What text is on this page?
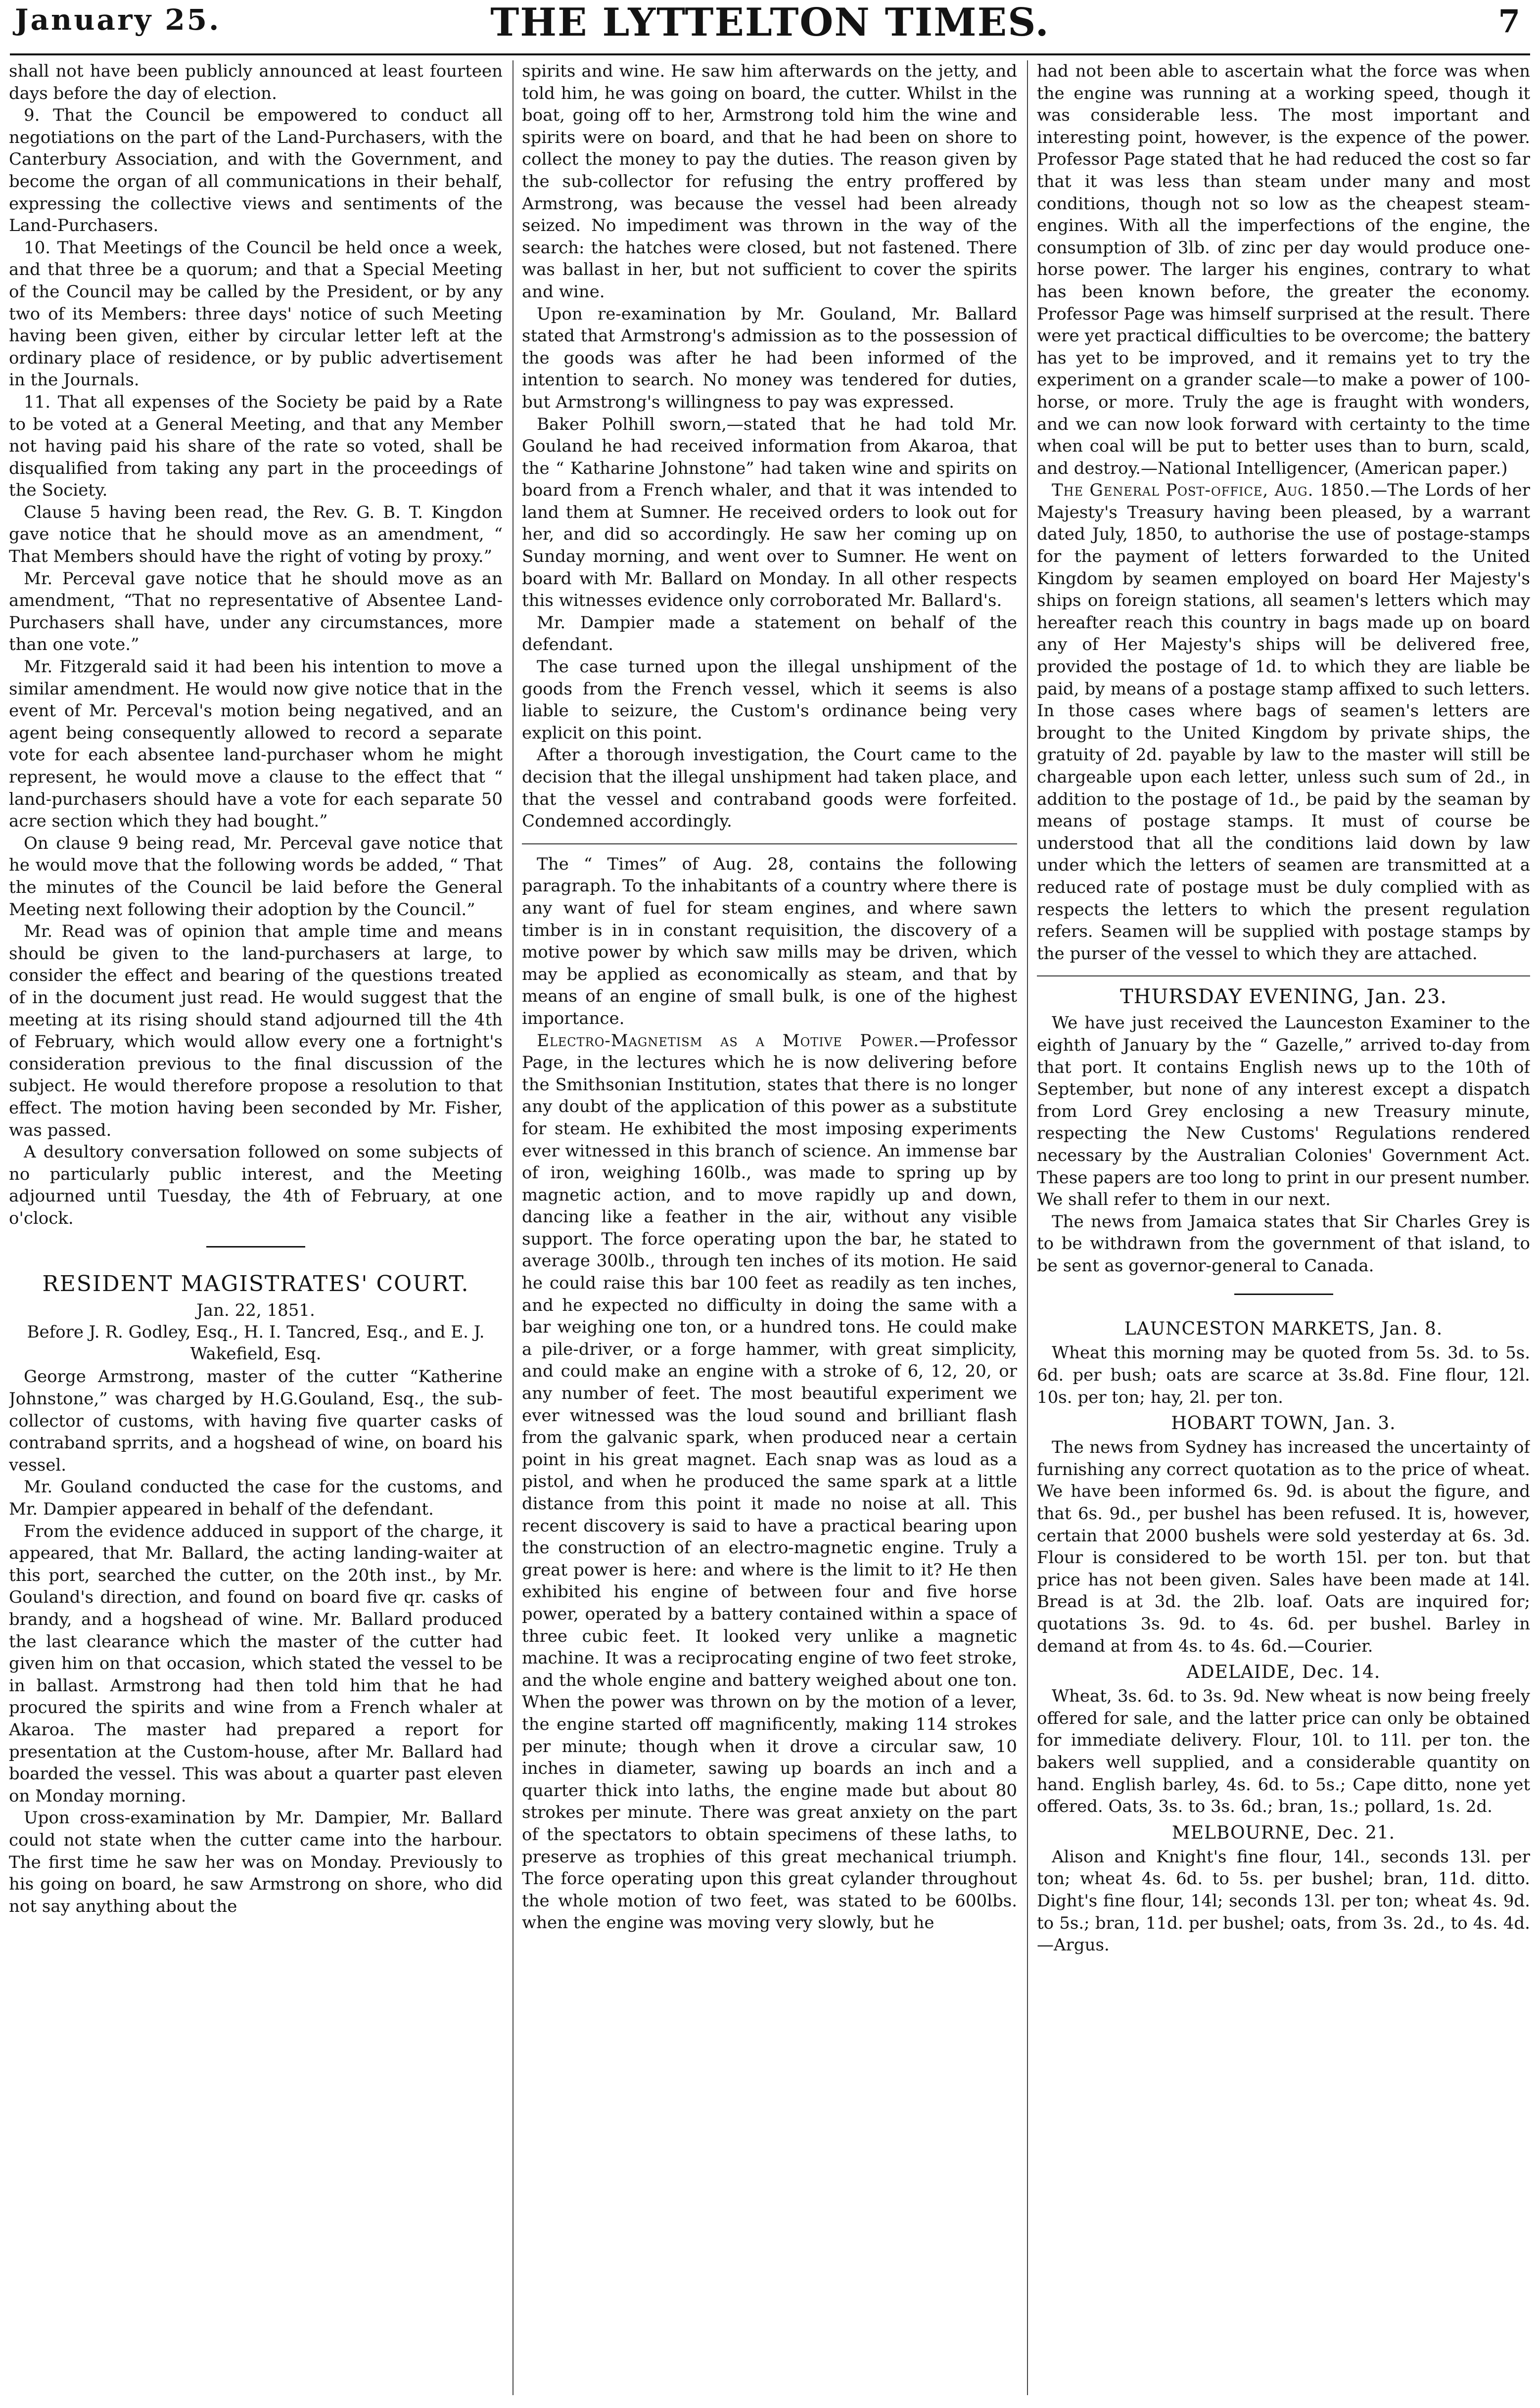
January 25.	THE LYTTELTON TIMES.	7

shall not have been publicly announced at least fourteen days before the day of election.

9. That the Council be empowered to conduct all negotiations on the part of the Land-Purchasers, with the Canterbury Association, and with the Government, and become the organ of all communications in their behalf, expressing the collective views and sentiments of the Land-Purchasers.

10. That Meetings of the Council be held once a week, and that three be a quorum; and that a Special Meeting of the Council may be called by the President, or by any two of its Members: three days' notice of such Meeting having been given, either by circular letter left at the ordinary place of residence, or by public advertisement in the Journals.

11. That all expenses of the Society be paid by a Rate to be voted at a General Meeting, and that any Member not having paid his share of the rate so voted, shall be disqualified from taking any part in the proceedings of the Society.

Clause 5 having been read, the Rev. G. B. T. Kingdon gave notice that he should move as an amendment, “ That Members should have the right of voting by proxy.”

Mr. Perceval gave notice that he should move as an amendment, “That no representative of Absentee Land-Purchasers shall have, under any circumstances, more than one vote.”

Mr. Fitzgerald said it had been his intention to move a similar amendment. He would now give notice that in the event of Mr. Perceval's motion being negatived, and an agent being consequently allowed to record a separate vote for each absentee land-purchaser whom he might represent, he would move a clause to the effect that “ land-purchasers should have a vote for each separate 50 acre section which they had bought.”

On clause 9 being read, Mr. Perceval gave notice that he would move that the following words be added, “ That the minutes of the Council be laid before the General Meeting next following their adoption by the Council.”

Mr. Read was of opinion that ample time and means should be given to the land-purchasers at large, to consider the effect and bearing of the questions treated of in the document just read. He would suggest that the meeting at its rising should stand adjourned till the 4th of February, which would allow every one a fortnight's consideration previous to the final discussion of the subject. He would therefore propose a resolution to that effect. The motion having been seconded by Mr. Fisher, was passed.

A desultory conversation followed on some subjects of no particularly public interest, and the Meeting adjourned until Tuesday, the 4th of February, at one o'clock.

RESIDENT MAGISTRATES' COURT.

Jan. 22, 1851.

Before J. R. Godley, Esq., H. I. Tancred, Esq., and E. J. Wakefield, Esq.

George Armstrong, master of the cutter “Katherine Johnstone,” was charged by H.G.Gouland, Esq., the sub-collector of customs, with having five quarter casks of contraband sprrits, and a hogshead of wine, on board his vessel.

Mr. Gouland conducted the case for the customs, and Mr. Dampier appeared in behalf of the defendant.

From the evidence adduced in support of the charge, it appeared, that Mr. Ballard, the acting landing-waiter at this port, searched the cutter, on the 20th inst., by Mr. Gouland's direction, and found on board five qr. casks of brandy, and a hogshead of wine. Mr. Ballard produced the last clearance which the master of the cutter had given him on that occasion, which stated the vessel to be in ballast. Armstrong had then told him that he had procured the spirits and wine from a French whaler at Akaroa. The master had prepared a report for presentation at the Custom-house, after Mr. Ballard had boarded the vessel. This was about a quarter past eleven on Monday morning.

Upon cross-examination by Mr. Dampier, Mr. Ballard could not state when the cutter came into the harbour. The first time he saw her was on Monday. Previously to his going on board, he saw Armstrong on shore, who did not say anything about the

spirits and wine. He saw him afterwards on the jetty, and told him, he was going on board, the cutter. Whilst in the boat, going off to her, Armstrong told him the wine and spirits were on board, and that he had been on shore to collect the money to pay the duties. The reason given by the sub-collector for refusing the entry proffered by Armstrong, was because the vessel had been already seized. No impediment was thrown in the way of the search: the hatches were closed, but not fastened. There was ballast in her, but not sufficient to cover the spirits and wine.

Upon re-examination by Mr. Gouland, Mr. Ballard stated that Armstrong's admission as to the possession of the goods was after he had been informed of the intention to search. No money was tendered for duties, but Armstrong's willingness to pay was expressed.

Baker Polhill sworn,—stated that he had told Mr. Gouland he had received information from Akaroa, that the “ Katharine Johnstone” had taken wine and spirits on board from a French whaler, and that it was intended to land them at Sumner. He received orders to look out for her, and did so accordingly. He saw her coming up on Sunday morning, and went over to Sumner. He went on board with Mr. Ballard on Monday. In all other respects this witnesses evidence only corroborated Mr. Ballard's.

Mr. Dampier made a statement on behalf of the defendant.

The case turned upon the illegal unshipment of the goods from the French vessel, which it seems is also liable to seizure, the Custom's ordinance being very explicit on this point.

After a thorough investigation, the Court came to the decision that the illegal unshipment had taken place, and that the vessel and contraband goods were forfeited. Condemned accordingly.

The “ Times” of Aug. 28, contains the following paragraph. To the inhabitants of a country where there is any want of fuel for steam engines, and where sawn timber is in in constant requisition, the discovery of a motive power by which saw mills may be driven, which may be applied as economically as steam, and that by means of an engine of small bulk, is one of the highest importance.

Electro-Magnetism as a Motive Power.—Professor Page, in the lectures which he is now delivering before the Smithsonian Institution, states that there is no longer any doubt of the application of this power as a substitute for steam. He exhibited the most imposing experiments ever witnessed in this branch of science. An immense bar of iron, weighing 160lb., was made to spring up by magnetic action, and to move rapidly up and down, dancing like a feather in the air, without any visible support. The force operating upon the bar, he stated to average 300lb., through ten inches of its motion. He said he could raise this bar 100 feet as readily as ten inches, and he expected no difficulty in doing the same with a bar weighing one ton, or a hundred tons. He could make a pile-driver, or a forge hammer, with great simplicity, and could make an engine with a stroke of 6, 12, 20, or any number of feet. The most beautiful experiment we ever witnessed was the loud sound and brilliant flash from the galvanic spark, when produced near a certain point in his great magnet. Each snap was as loud as a pistol, and when he produced the same spark at a little distance from this point it made no noise at all. This recent discovery is said to have a practical bearing upon the construction of an electro-magnetic engine. Truly a great power is here: and where is the limit to it? He then exhibited his engine of between four and five horse power, operated by a battery contained within a space of three cubic feet. It looked very unlike a magnetic machine. It was a reciprocating engine of two feet stroke, and the whole engine and battery weighed about one ton. When the power was thrown on by the motion of a lever, the engine started off magnificently, making 114 strokes per minute; though when it drove a circular saw, 10 inches in diameter, sawing up boards an inch and a quarter thick into laths, the engine made but about 80 strokes per minute. There was great anxiety on the part of the spectators to obtain specimens of these laths, to preserve as trophies of this great mechanical triumph. The force operating upon this great cylander throughout the whole motion of two feet, was stated to be 600lbs. when the engine was moving very slowly, but he

had not been able to ascertain what the force was when the engine was running at a working speed, though it was considerable less. The most important and interesting point, however, is the expence of the power. Professor Page stated that he had reduced the cost so far that it was less than steam under many and most conditions, though not so low as the cheapest steam-engines. With all the imperfections of the engine, the consumption of 3lb. of zinc per day would produce one-horse power. The larger his engines, contrary to what has been known before, the greater the economy. Professor Page was himself surprised at the result. There were yet practical difficulties to be overcome; the battery has yet to be improved, and it remains yet to try the experiment on a grander scale—to make a power of 100-horse, or more. Truly the age is fraught with wonders, and we can now look forward with certainty to the time when coal will be put to better uses than to burn, scald, and destroy.—National Intelligencer, (American paper.)

The General Post-office, Aug. 1850.—The Lords of her Majesty's Treasury having been pleased, by a warrant dated July, 1850, to authorise the use of postage-stamps for the payment of letters forwarded to the United Kingdom by seamen employed on board Her Majesty's ships on foreign stations, all seamen's letters which may hereafter reach this country in bags made up on board any of Her Majesty's ships will be delivered free, provided the postage of 1d. to which they are liable be paid, by means of a postage stamp affixed to such letters. In those cases where bags of seamen's letters are brought to the United Kingdom by private ships, the gratuity of 2d. payable by law to the master will still be chargeable upon each letter, unless such sum of 2d., in addition to the postage of 1d., be paid by the seaman by means of postage stamps. It must of course be understood that all the conditions laid down by law under which the letters of seamen are transmitted at a reduced rate of postage must be duly complied with as respects the letters to which the present regulation refers. Seamen will be supplied with postage stamps by the purser of the vessel to which they are attached.

THURSDAY EVENING, Jan. 23.

We have just received the Launceston Examiner to the eighth of January by the “ Gazelle,” arrived to-day from that port. It contains English news up to the 10th of September, but none of any interest except a dispatch from Lord Grey enclosing a new Treasury minute, respecting the New Customs' Regulations rendered necessary by the Australian Colonies' Government Act. These papers are too long to print in our present number. We shall refer to them in our next.

The news from Jamaica states that Sir Charles Grey is to be withdrawn from the government of that island, to be sent as governor-general to Canada.

LAUNCESTON MARKETS, Jan. 8.

Wheat this morning may be quoted from 5s. 3d. to 5s. 6d. per bush; oats are scarce at 3s.8d. Fine flour, 12l. 10s. per ton; hay, 2l. per ton.

HOBART TOWN, Jan. 3.

The news from Sydney has increased the uncertainty of furnishing any correct quotation as to the price of wheat. We have been informed 6s. 9d. is about the figure, and that 6s. 9d., per bushel has been refused. It is, however, certain that 2000 bushels were sold yesterday at 6s. 3d. Flour is considered to be worth 15l. per ton. but that price has not been given. Sales have been made at 14l. Bread is at 3d. the 2lb. loaf. Oats are inquired for; quotations 3s. 9d. to 4s. 6d. per bushel. Barley in demand at from 4s. to 4s. 6d.—Courier.

ADELAIDE, Dec. 14.

Wheat, 3s. 6d. to 3s. 9d. New wheat is now being freely offered for sale, and the latter price can only be obtained for immediate delivery. Flour, 10l. to 11l. per ton. the bakers well supplied, and a considerable quantity on hand. English barley, 4s. 6d. to 5s.; Cape ditto, none yet offered. Oats, 3s. to 3s. 6d.; bran, 1s.; pollard, 1s. 2d.

MELBOURNE, Dec. 21.

Alison and Knight's fine flour, 14l., seconds 13l. per ton; wheat 4s. 6d. to 5s. per bushel; bran, 11d. ditto. Dight's fine flour, 14l; seconds 13l. per ton; wheat 4s. 9d. to 5s.; bran, 11d. per bushel; oats, from 3s. 2d., to 4s. 4d.—Argus.
